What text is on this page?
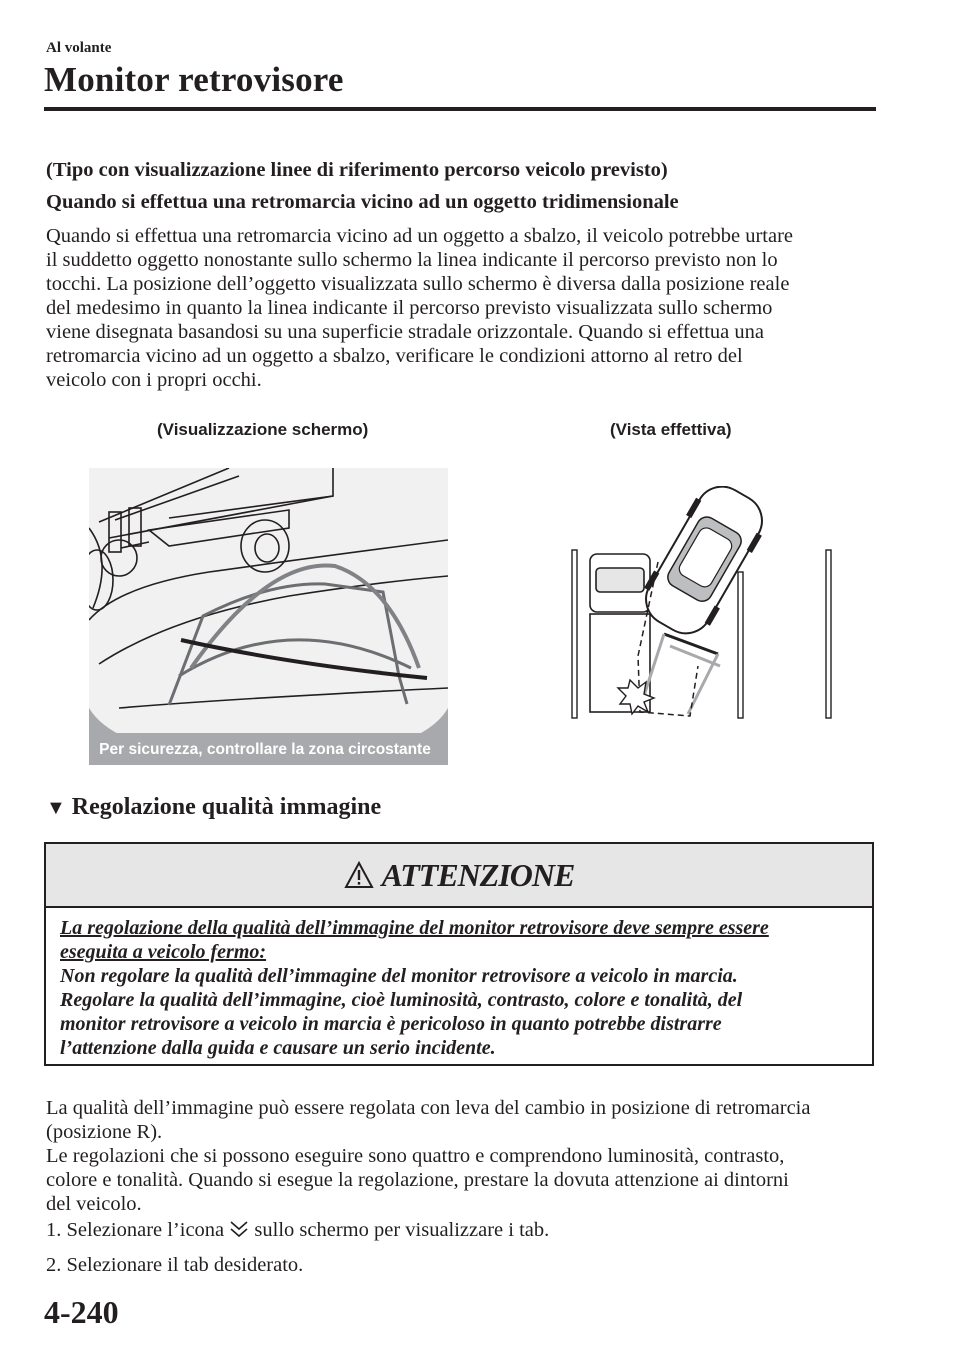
Al volante
Monitor retrovisore
(Tipo con visualizzazione linee di riferimento percorso veicolo previsto)
Quando si effettua una retromarcia vicino ad un oggetto tridimensionale
Quando si effettua una retromarcia vicino ad un oggetto a sbalzo, il veicolo potrebbe urtare
il suddetto oggetto nonostante sullo schermo la linea indicante il percorso previsto non lo
tocchi. La posizione dell’oggetto visualizzata sullo schermo è diversa dalla posizione reale
del medesimo in quanto la linea indicante il percorso previsto visualizzata sullo schermo
viene disegnata basandosi su una superficie stradale orizzontale. Quando si effettua una
retromarcia vicino ad un oggetto a sbalzo, verificare le condizioni attorno al retro del
veicolo con i propri occhi.
(Visualizzazione schermo)	(Vista effettiva)
Per sicurezza, controllare la zona circostante
▼ Regolazione qualità immagine
ATTENZIONE
La regolazione della qualità dell’immagine del monitor retrovisore deve sempre essere
eseguita a veicolo fermo:
Non regolare la qualità dell’immagine del monitor retrovisore a veicolo in marcia.
Regolare la qualità dell’immagine, cioè luminosità, contrasto, colore e tonalità, del
monitor retrovisore a veicolo in marcia è pericoloso in quanto potrebbe distrarre
l’attenzione dalla guida e causare un serio incidente.
La qualità dell’immagine può essere regolata con leva del cambio in posizione di retromarcia
(posizione R).
Le regolazioni che si possono eseguire sono quattro e comprendono luminosità, contrasto,
colore e tonalità. Quando si esegue la regolazione, prestare la dovuta attenzione ai dintorni
del veicolo.
1. Selezionare l’icona sullo schermo per visualizzare i tab.
2. Selezionare il tab desiderato.
4-240
